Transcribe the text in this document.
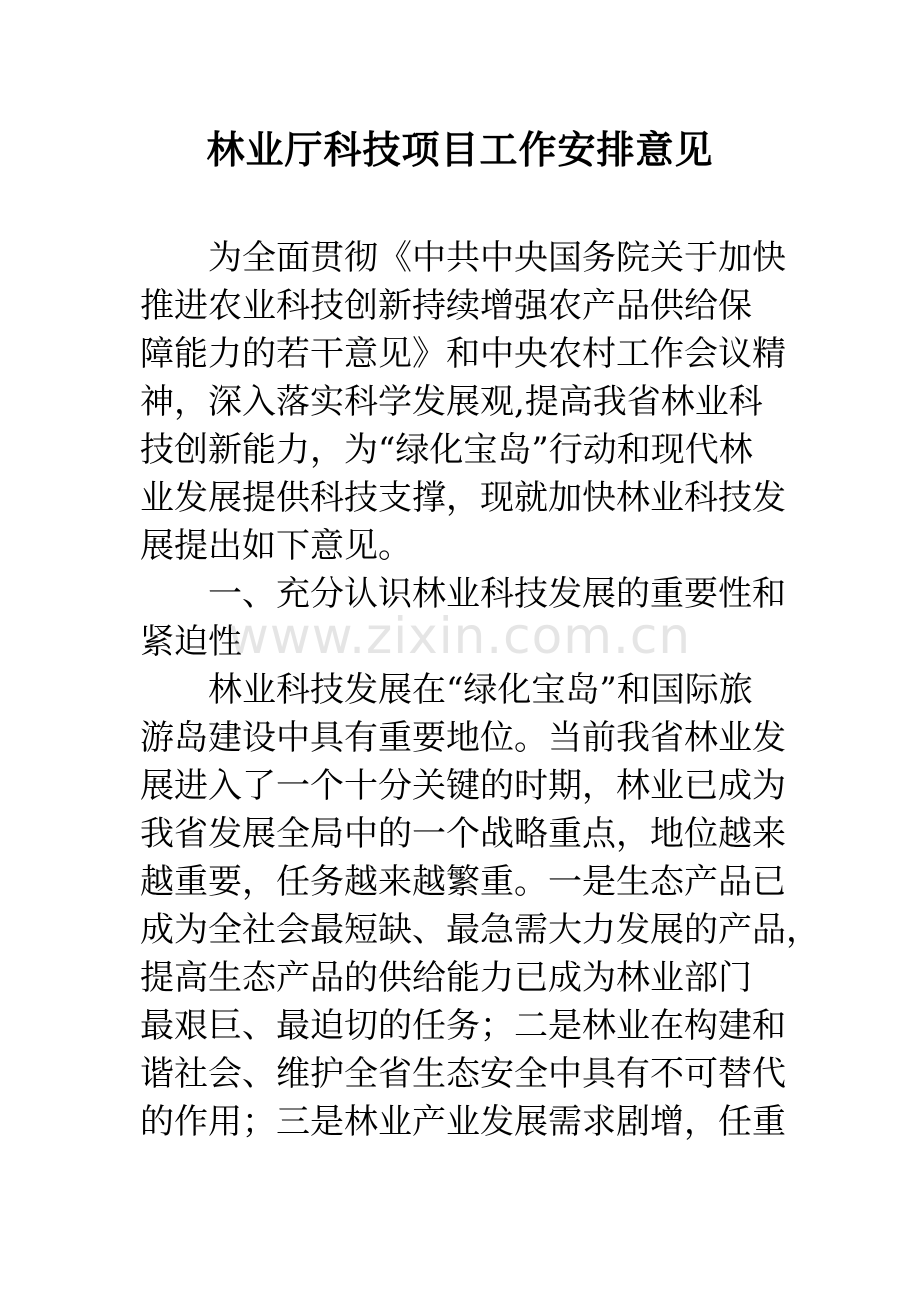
林业厅科技项目工作安排意见

为全面贯彻《中共中央国务院关于加快

推进农业科技创新持续增强农产品供给保

障能力的若干意见》和中央农村工作会议精

神，深入落实科学发展观,提高我省林业科

技创新能力，为“绿化宝岛”行动和现代林

业发展提供科技支撑，现就加快林业科技发

展提出如下意见。

一、充分认识林业科技发展的重要性和

紧迫性

林业科技发展在“绿化宝岛”和国际旅

游岛建设中具有重要地位。当前我省林业发

展进入了一个十分关键的时期，林业已成为

我省发展全局中的一个战略重点，地位越来

越重要，任务越来越繁重。一是生态产品已

成为全社会最短缺、最急需大力发展的产品，

提高生态产品的供给能力已成为林业部门

最艰巨、最迫切的任务；二是林业在构建和

谐社会、维护全省生态安全中具有不可替代

的作用；三是林业产业发展需求剧增，任重

www.zixin.com.cn
